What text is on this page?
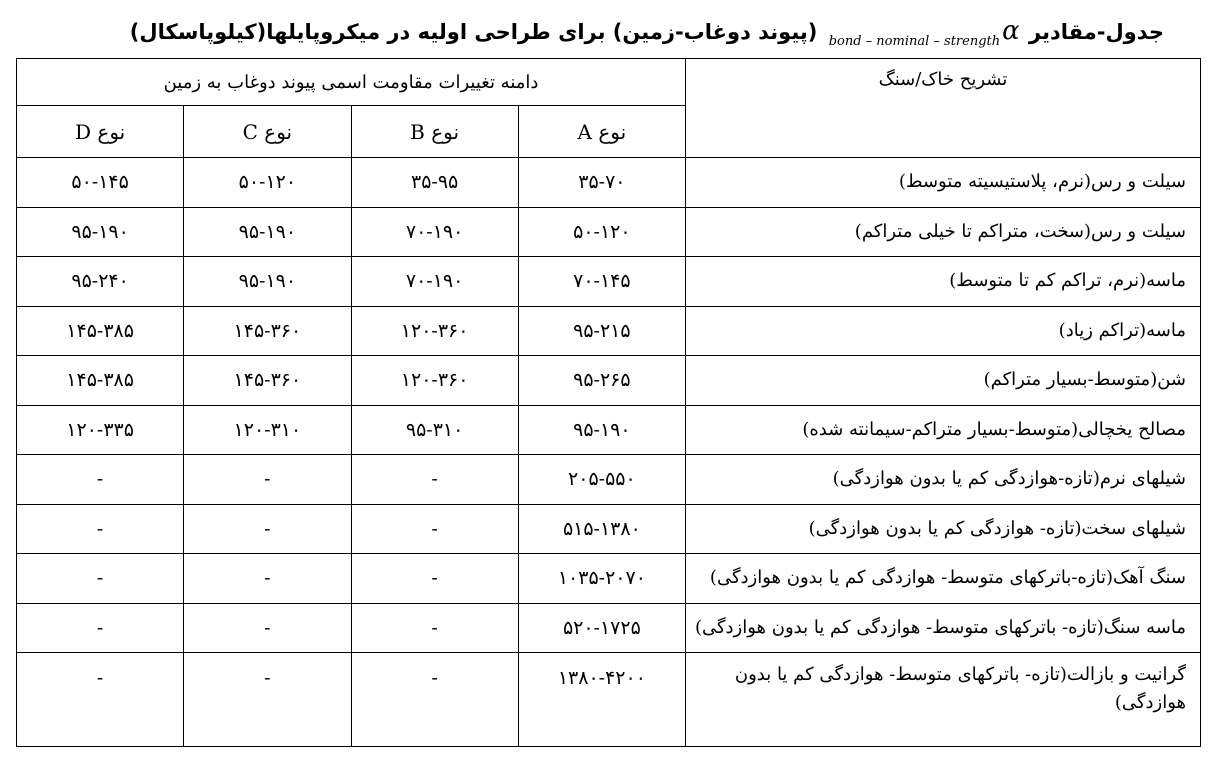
جدول-مقادیر $\alpha_{bond - nominal - strength}$ (پیوند دوغاب-زمین) برای طراحی اولیه در میکروپایلها(کیلوپاسکال)
تشریح خاک/سنگ	دامنه تغییرات مقاومت اسمی پیوند دوغاب به زمین			
	نوع A	نوع B	نوع C	نوع D
سیلت و رس(نرم، پلاستیسیته متوسط)	۳۵-۷۰	۳۵-۹۵	۵۰-۱۲۰	۵۰-۱۴۵
سیلت و رس(سخت، متراکم تا خیلی متراکم)	۵۰-۱۲۰	۷۰-۱۹۰	۹۵-۱۹۰	۹۵-۱۹۰
ماسه(نرم، تراکم کم تا متوسط)	۷۰-۱۴۵	۷۰-۱۹۰	۹۵-۱۹۰	۹۵-۲۴۰
ماسه(تراکم زیاد)	۹۵-۲۱۵	۱۲۰-۳۶۰	۱۴۵-۳۶۰	۱۴۵-۳۸۵
شن(متوسط-بسیار متراکم)	۹۵-۲۶۵	۱۲۰-۳۶۰	۱۴۵-۳۶۰	۱۴۵-۳۸۵
مصالح یخچالی(متوسط-بسیار متراکم-سیمانته شده)	۹۵-۱۹۰	۹۵-۳۱۰	۱۲۰-۳۱۰	۱۲۰-۳۳۵
شیلهای نرم(تازه-هوازدگی کم یا بدون هوازدگی)	۲۰۵-۵۵۰	-	-	-
شیلهای سخت(تازه- هوازدگی کم یا بدون هوازدگی)	۵۱۵-۱۳۸۰	-	-	-
سنگ آهک(تازه-باترکهای متوسط- هوازدگی کم یا بدون هوازدگی)	۱۰۳۵-۲۰۷۰	-	-	-
ماسه سنگ(تازه- باترکهای متوسط- هوازدگی کم یا بدون هوازدگی)	۵۲۰-۱۷۲۵	-	-	-
گرانیت و بازالت(تازه- باترکهای متوسط- هوازدگی کم یا بدون هوازدگی)	۱۳۸۰-۴۲۰۰	-	-	-
